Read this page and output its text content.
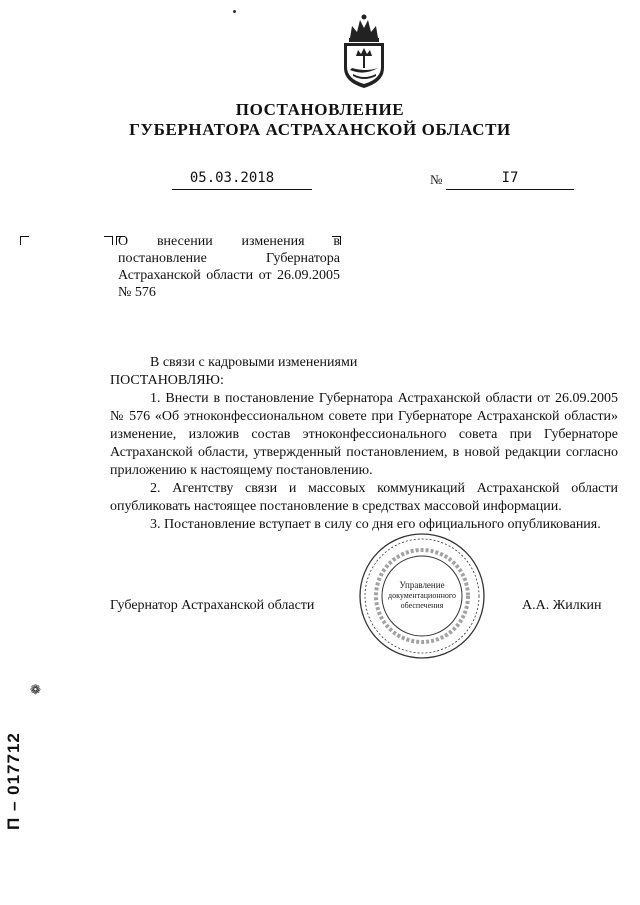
ПОСТАНОВЛЕНИЕ
ГУБЕРНАТОРА АСТРАХАНСКОЙ ОБЛАСТИ
05.03.2018	№	I7
О внесении изменения в постановление Губернатора Астраханской области от 26.09.2005 № 576

В связи с кадровыми изменениями

ПОСТАНОВЛЯЮ:

1. Внести в постановление Губернатора Астраханской области от 26.09.2005 № 576 «Об этноконфессиональном совете при Губернаторе Астраханской области» изменение, изложив состав этноконфессионального совета при Губернаторе Астраханской области, утвержденный постановлением, в новой редакции согласно приложению к настоящему постановлению.

2. Агентству связи и массовых коммуникаций Астраханской области опубликовать настоящее постановление в средствах массовой информации.

3. Постановление вступает в силу со дня его официального опубликования.

Губернатор Астраханской области	А.А. Жилкин
Управление
документационного
обеспечения
❁
П – 017712
